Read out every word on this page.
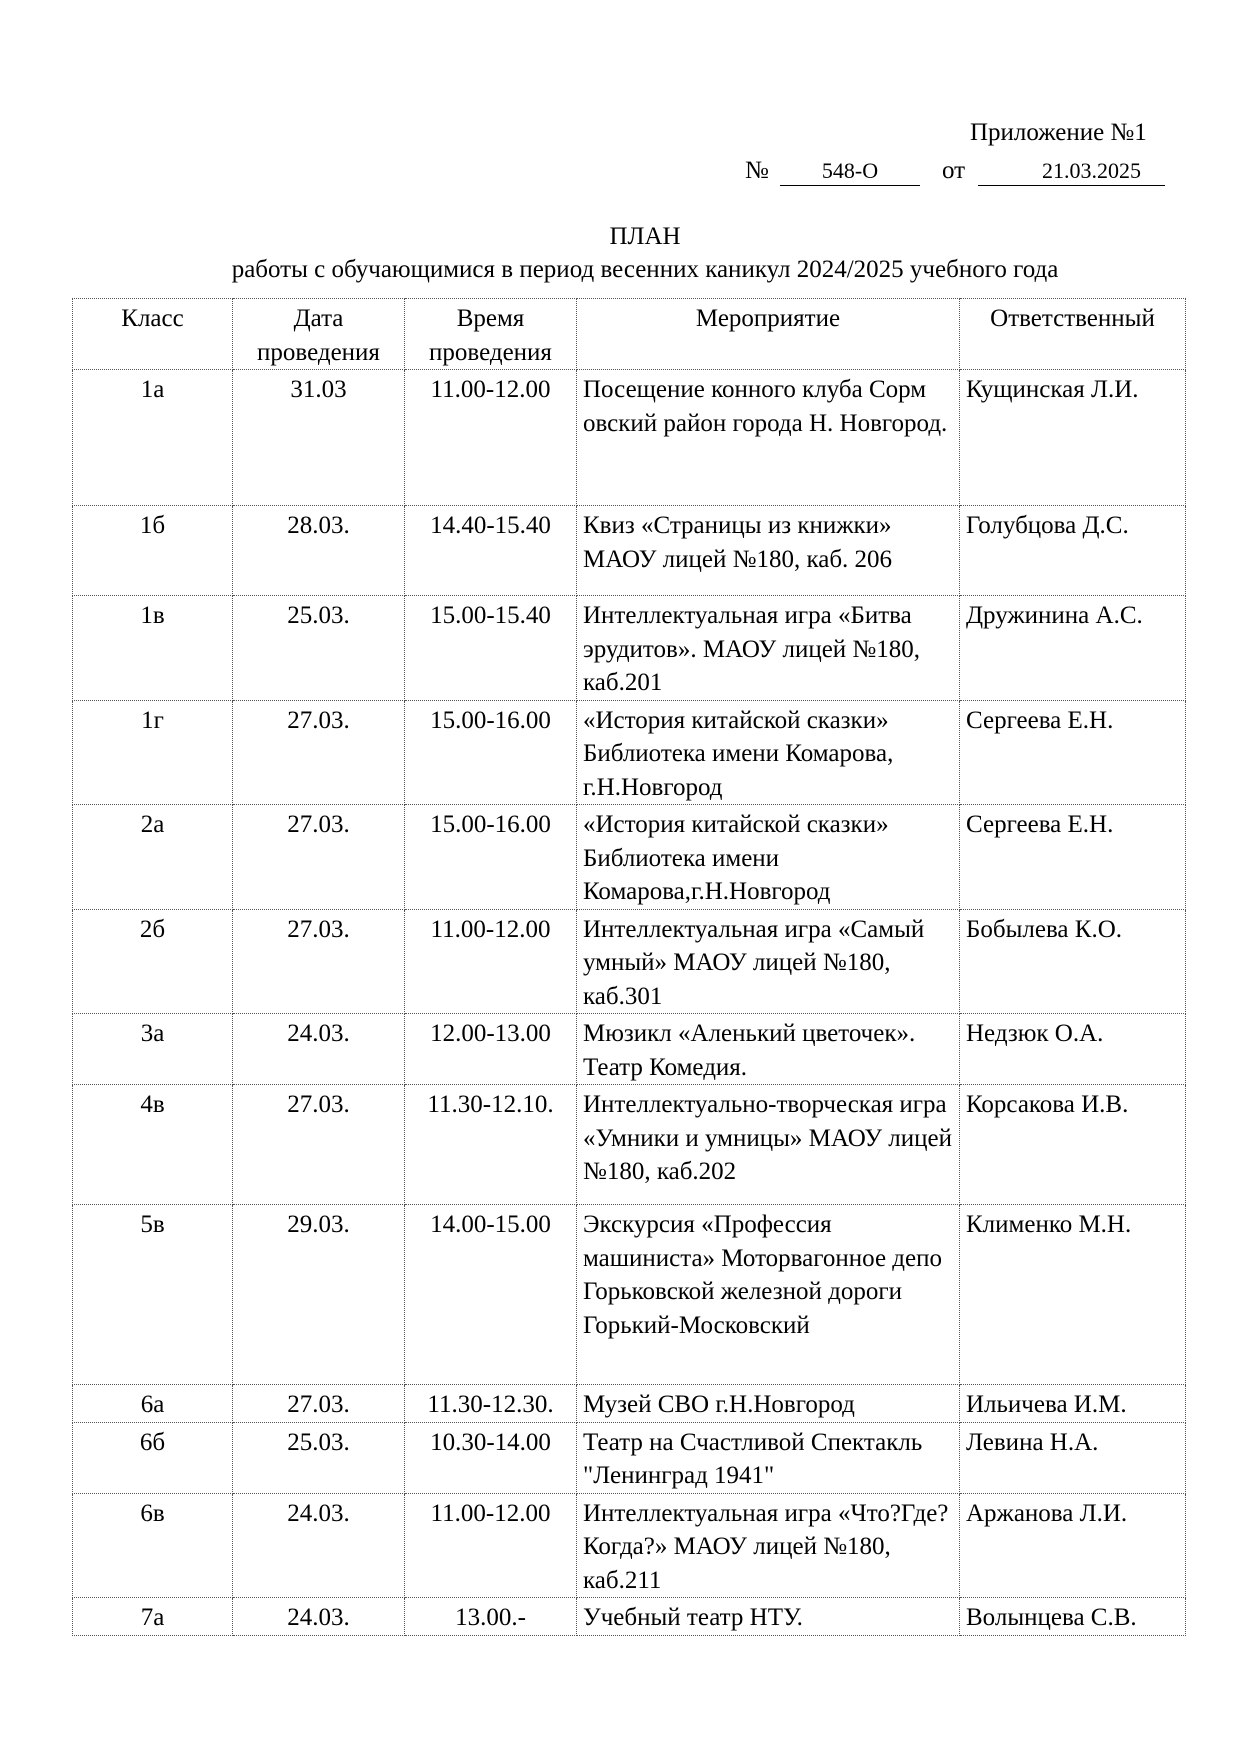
Приложение №1
№	548-О	от	21.03.2025
ПЛАН
работы с обучающимися в период весенних каникул 2024/2025 учебного года
Класс	Дата проведения	Время проведения	Мероприятие	Ответственный
1а	31.03	11.00-12.00	Посещение конного клуба Сорм овский район города Н. Новгород.	Кущинская Л.И.
1б	28.03.	14.40-15.40	Квиз «Страницы из книжки» МАОУ лицей №180, каб. 206	Голубцова Д.С.
1в	25.03.	15.00-15.40	Интеллектуальная игра «Битва эрудитов». МАОУ лицей №180, каб.201	Дружинина А.С.
1г	27.03.	15.00-16.00	«История китайской сказки» Библиотека имени Комарова, г.Н.Новгород	Сергеева Е.Н.
2а	27.03.	15.00-16.00	«История китайской сказки» Библиотека имени Комарова,г.Н.Новгород	Сергеева Е.Н.
2б	27.03.	11.00-12.00	Интеллектуальная игра «Самый умный» МАОУ лицей №180, каб.301	Бобылева К.О.
3а	24.03.	12.00-13.00	Мюзикл «Аленький цветочек». Театр Комедия.	Недзюк О.А.
4в	27.03.	11.30-12.10.	Интеллектуально-творческая игра «Умники и умницы» МАОУ лицей №180, каб.202	Корсакова И.В.
5в	29.03.	14.00-15.00	Экскурсия «Профессия машиниста» Моторвагонное депо Горьковской железной дороги Горький-Московский	Клименко М.Н.
6а	27.03.	11.30-12.30.	Музей СВО г.Н.Новгород	Ильичева И.М.
6б	25.03.	10.30-14.00	Театр на Счастливой Спектакль "Ленинград 1941"	Левина Н.А.
6в	24.03.	11.00-12.00	Интеллектуальная игра «Что?Где?Когда?» МАОУ лицей №180, каб.211	Аржанова Л.И.
7а	24.03.	13.00.-	Учебный театр НТУ.	Волынцева С.В.
